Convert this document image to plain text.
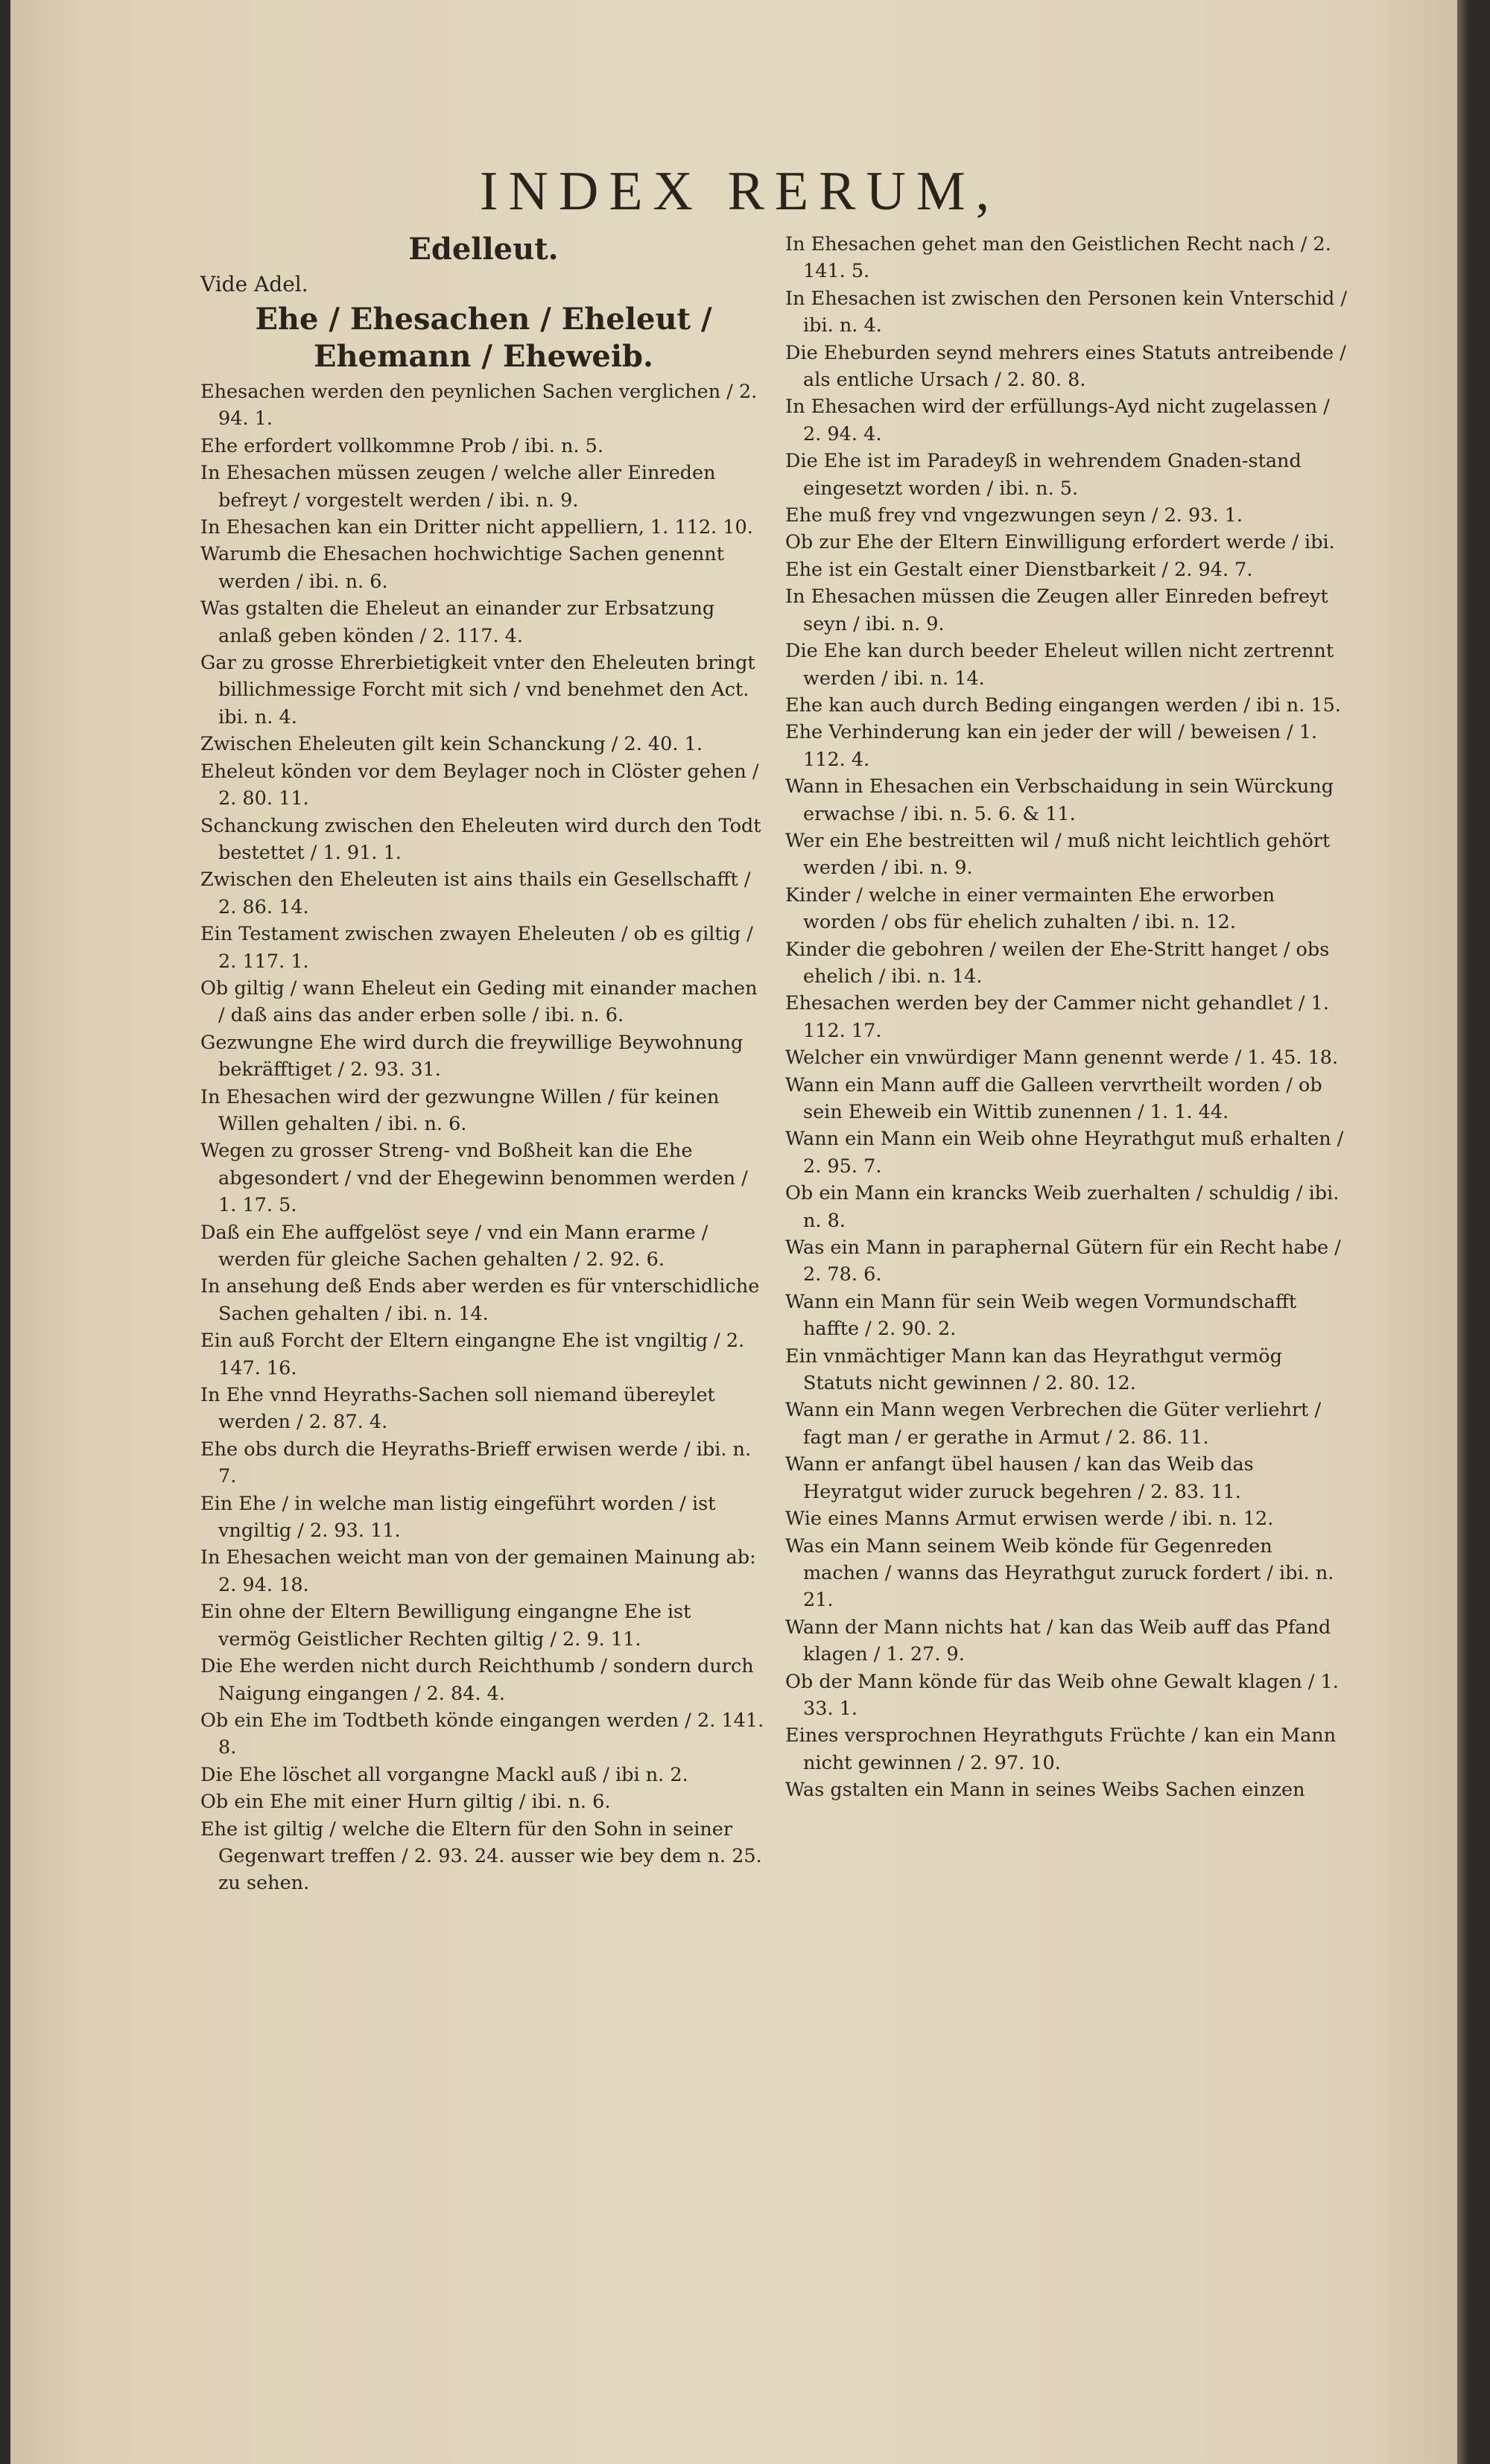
INDEX RERUM,
Edelleut.
Vide Adel.
Ehe / Ehesachen / Eheleut / Ehemann / Eheweib.

Ehesachen werden den peynlichen Sachen verglichen / 2. 94. 1.

Ehe erfordert vollkommne Prob / ibi. n. 5.

In Ehesachen müssen zeugen / welche aller Einreden befreyt / vorgestelt werden / ibi. n. 9.

In Ehesachen kan ein Dritter nicht appelliern, 1. 112. 10.

Warumb die Ehesachen hochwichtige Sachen genennt werden / ibi. n. 6.

Was gstalten die Eheleut an einander zur Erbsatzung anlaß geben könden / 2. 117. 4.

Gar zu grosse Ehrerbietigkeit vnter den Eheleuten bringt billichmessige Forcht mit sich / vnd benehmet den Act. ibi. n. 4.

Zwischen Eheleuten gilt kein Schanckung / 2. 40. 1.

Eheleut könden vor dem Beylager noch in Clöster gehen / 2. 80. 11.

Schanckung zwischen den Eheleuten wird durch den Todt bestettet / 1. 91. 1.

Zwischen den Eheleuten ist ains thails ein Gesellschafft / 2. 86. 14.

Ein Testament zwischen zwayen Eheleuten / ob es giltig / 2. 117. 1.

Ob giltig / wann Eheleut ein Geding mit einander machen / daß ains das ander erben solle / ibi. n. 6.

Gezwungne Ehe wird durch die freywillige Beywohnung bekräfftiget / 2. 93. 31.

In Ehesachen wird der gezwungne Willen / für keinen Willen gehalten / ibi. n. 6.

Wegen zu grosser Streng- vnd Boßheit kan die Ehe abgesondert / vnd der Ehegewinn benommen werden / 1. 17. 5.

Daß ein Ehe auffgelöst seye / vnd ein Mann erarme / werden für gleiche Sachen gehalten / 2. 92. 6.

In ansehung deß Ends aber werden es für vnterschidliche Sachen gehalten / ibi. n. 14.

Ein auß Forcht der Eltern eingangne Ehe ist vngiltig / 2. 147. 16.

In Ehe vnnd Heyraths-Sachen soll niemand übereylet werden / 2. 87. 4.

Ehe obs durch die Heyraths-Brieff erwisen werde / ibi. n. 7.

Ein Ehe / in welche man listig eingeführt worden / ist vngiltig / 2. 93. 11.

In Ehesachen weicht man von der gemainen Mainung ab: 2. 94. 18.

Ein ohne der Eltern Bewilligung eingangne Ehe ist vermög Geistlicher Rechten giltig / 2. 9. 11.

Die Ehe werden nicht durch Reichthumb / sondern durch Naigung eingangen / 2. 84. 4.

Ob ein Ehe im Todtbeth könde eingangen werden / 2. 141. 8.

Die Ehe löschet all vorgangne Mackl auß / ibi n. 2.

Ob ein Ehe mit einer Hurn giltig / ibi. n. 6.

Ehe ist giltig / welche die Eltern für den Sohn in seiner Gegenwart treffen / 2. 93. 24. ausser wie bey dem n. 25. zu sehen.

In Ehesachen gehet man den Geistlichen Recht nach / 2. 141. 5.

In Ehesachen ist zwischen den Personen kein Vnterschid / ibi. n. 4.

Die Eheburden seynd mehrers eines Statuts antreibende / als entliche Ursach / 2. 80. 8.

In Ehesachen wird der erfüllungs-Ayd nicht zugelassen / 2. 94. 4.

Die Ehe ist im Paradeyß in wehrendem Gnaden-stand eingesetzt worden / ibi. n. 5.

Ehe muß frey vnd vngezwungen seyn / 2. 93. 1.

Ob zur Ehe der Eltern Einwilligung erfordert werde / ibi.

Ehe ist ein Gestalt einer Dienstbarkeit / 2. 94. 7.

In Ehesachen müssen die Zeugen aller Einreden befreyt seyn / ibi. n. 9.

Die Ehe kan durch beeder Eheleut willen nicht zertrennt werden / ibi. n. 14.

Ehe kan auch durch Beding eingangen werden / ibi n. 15.

Ehe Verhinderung kan ein jeder der will / beweisen / 1. 112. 4.

Wann in Ehesachen ein Verbschaidung in sein Würckung erwachse / ibi. n. 5. 6. & 11.

Wer ein Ehe bestreitten wil / muß nicht leichtlich gehört werden / ibi. n. 9.

Kinder / welche in einer vermainten Ehe erworben worden / obs für ehelich zuhalten / ibi. n. 12.

Kinder die gebohren / weilen der Ehe-Stritt hanget / obs ehelich / ibi. n. 14.

Ehesachen werden bey der Cammer nicht gehandlet / 1. 112. 17.

Welcher ein vnwürdiger Mann genennt werde / 1. 45. 18.

Wann ein Mann auff die Galleen vervrtheilt worden / ob sein Eheweib ein Wittib zunennen / 1. 1. 44.

Wann ein Mann ein Weib ohne Heyrathgut muß erhalten / 2. 95. 7.

Ob ein Mann ein krancks Weib zuerhalten / schuldig / ibi. n. 8.

Was ein Mann in paraphernal Gütern für ein Recht habe / 2. 78. 6.

Wann ein Mann für sein Weib wegen Vormundschafft haffte / 2. 90. 2.

Ein vnmächtiger Mann kan das Heyrathgut vermög Statuts nicht gewinnen / 2. 80. 12.

Wann ein Mann wegen Verbrechen die Güter verliehrt / fagt man / er gerathe in Armut / 2. 86. 11.

Wann er anfangt übel hausen / kan das Weib das Heyratgut wider zuruck begehren / 2. 83. 11.

Wie eines Manns Armut erwisen werde / ibi. n. 12.

Was ein Mann seinem Weib könde für Gegenreden machen / wanns das Heyrathgut zuruck fordert / ibi. n. 21.

Wann der Mann nichts hat / kan das Weib auff das Pfand klagen / 1. 27. 9.

Ob der Mann könde für das Weib ohne Gewalt klagen / 1. 33. 1.

Eines versprochnen Heyrathguts Früchte / kan ein Mann nicht gewinnen / 2. 97. 10.

Was gstalten ein Mann in seines Weibs Sachen einzen
